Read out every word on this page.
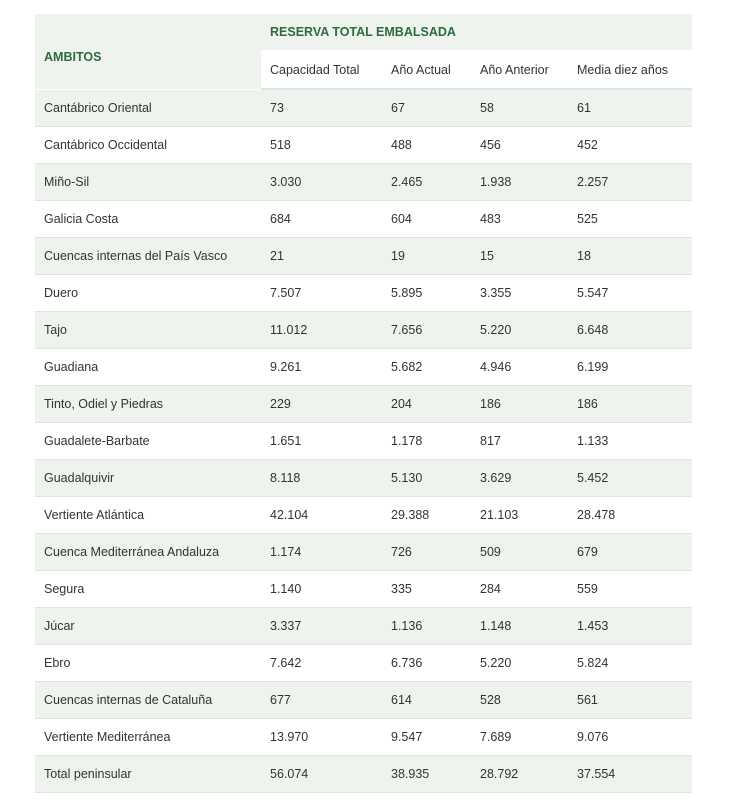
AMBITOS	RESERVA TOTAL EMBALSADA			
	Capacidad Total	Año Actual	Año Anterior	Media diez años
Cantábrico Oriental	73	67	58	61
Cantábrico Occidental	518	488	456	452
Miño-Sil	3.030	2.465	1.938	2.257
Galicia Costa	684	604	483	525
Cuencas internas del País Vasco	21	19	15	18
Duero	7.507	5.895	3.355	5.547
Tajo	11.012	7.656	5.220	6.648
Guadiana	9.261	5.682	4.946	6.199
Tinto, Odiel y Piedras	229	204	186	186
Guadalete-Barbate	1.651	1.178	817	1.133
Guadalquivir	8.118	5.130	3.629	5.452
Vertiente Atlántica	42.104	29.388	21.103	28.478
Cuenca Mediterránea Andaluza	1.174	726	509	679
Segura	1.140	335	284	559
Júcar	3.337	1.136	1.148	1.453
Ebro	7.642	6.736	5.220	5.824
Cuencas internas de Cataluña	677	614	528	561
Vertiente Mediterránea	13.970	9.547	7.689	9.076
Total peninsular	56.074	38.935	28.792	37.554
